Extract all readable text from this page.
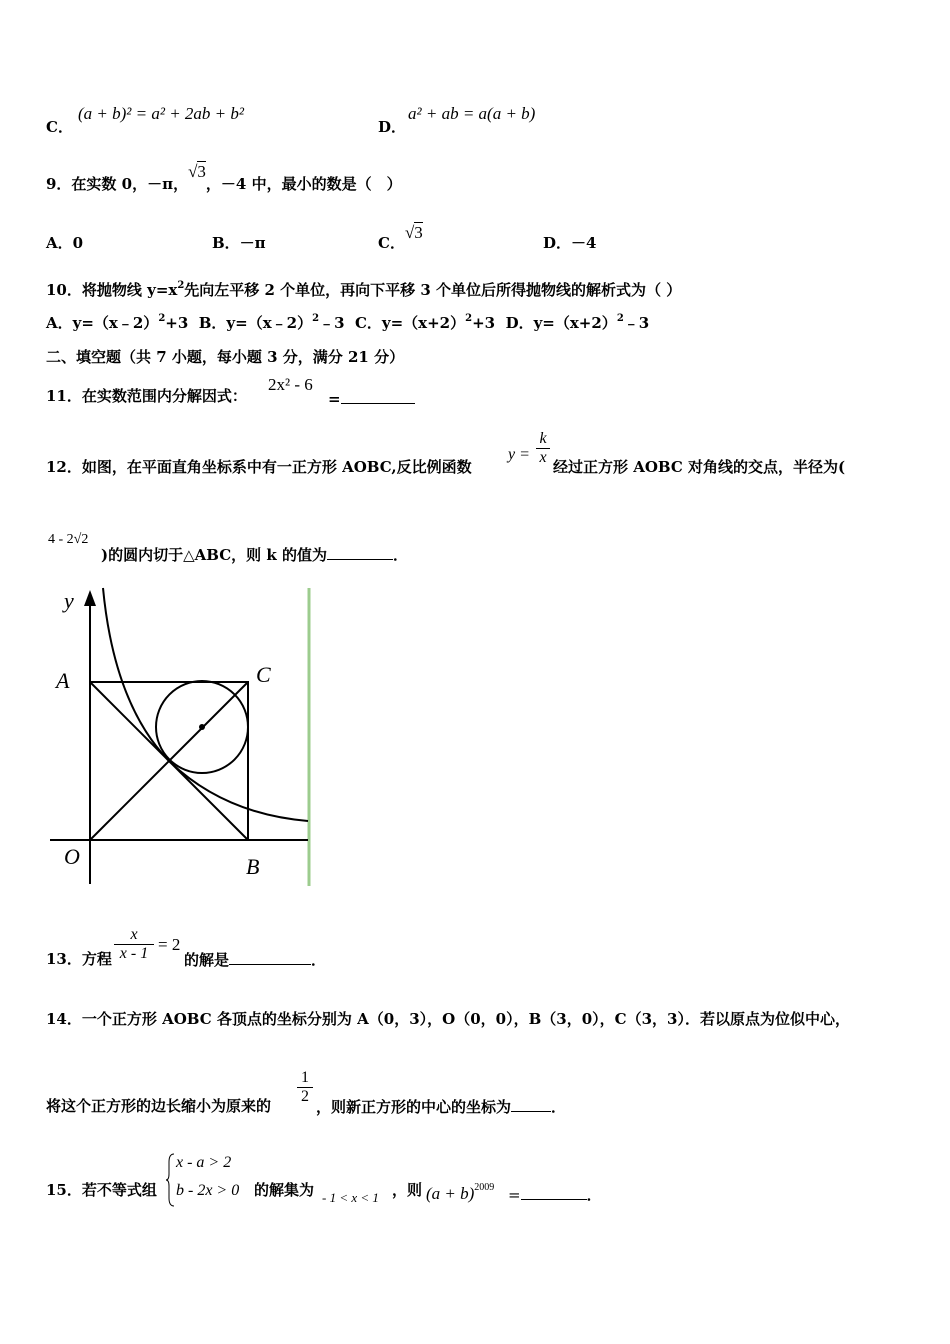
C．
(a + b)² = a² + 2ab + b²
D．
a² + ab = a(a + b)
9．在实数 0，－π，√3，－4 中，最小的数是（　）
A．0	B．－π	C．√3
D．－4
10．将抛物线 $y=x^2$先向左平移 2 个单位，再向下平移 3 个单位后所得抛物线的解析式为（ ）
A．y=（x﹣2）$^2$+3 B．y=（x﹣2）$^2$﹣3 C．$y=(x+2)^2+3$ D．$y=(x+2)^2﹣3$
二、填空题（共 7 小题，每小题 3 分，满分 21 分）
11．在实数范围内分解因式：
2x² - 6
=
12．如图，在平面直角坐标系中有一正方形 AOBC,反比例函数
$y = \frac{k}{x}$ 经过正方形 AOBC 对角线的交点，半径为(
4 - 2√2
)的圆内切于△ABC，则 k 的值为	．
y
A	C
O	B
13．方程 $\frac{x}{x - 1} = 2$
的解是	．
14．一个正方形 AOBC 各顶点的坐标分别为 A（0，3），O（0，0），B（3，0），C（3，3）．若以原点为位似中心，
将这个正方形的边长缩小为原来的 $\frac{1}{2}$
，则新正方形的中心的坐标为	．
15．若不等式组
x - a > 2
b - 2x > 0 的解集为 - 1 < x < 1 ，则 $(a + b)^{2009}$ =	．
